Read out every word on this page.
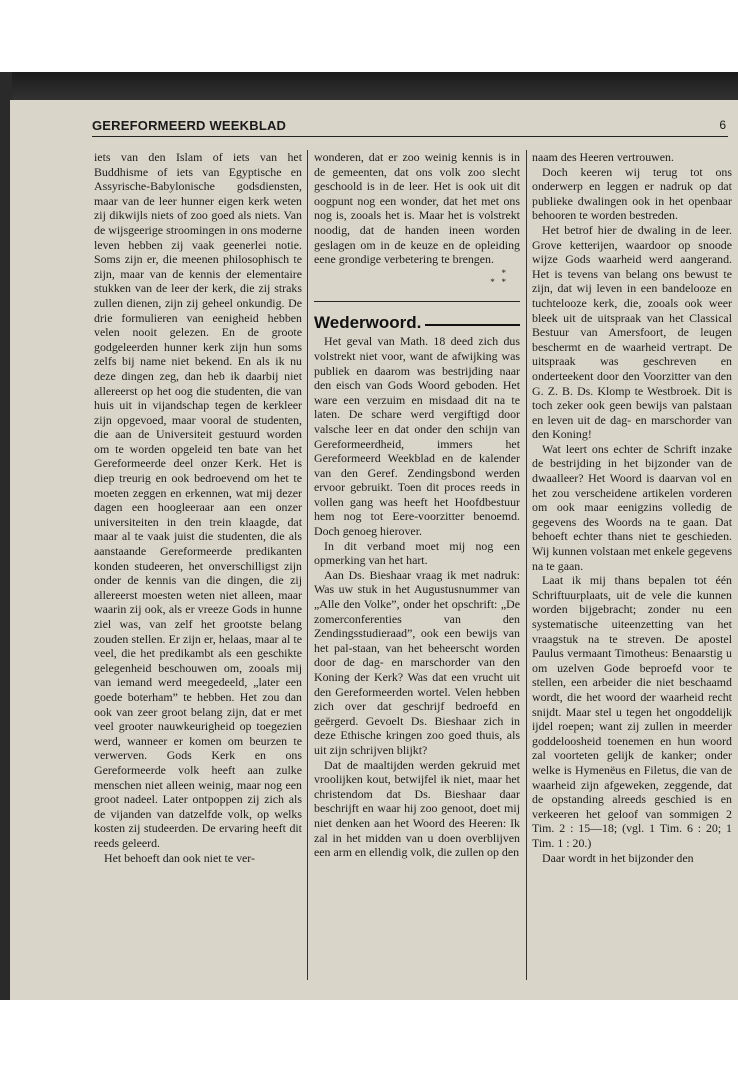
GEREFORMEERD WEEKBLAD	6

iets van den Islam of iets van het Buddhisme of iets van Egyptische en Assyrische-Babylonische godsdiensten, maar van de leer hunner eigen kerk weten zij dikwijls niets of zoo goed als niets. Van de wijsgeerige stroomingen in ons moderne leven hebben zij vaak geenerlei notie. Soms zijn er, die meenen philosophisch te zijn, maar van de kennis der elementaire stukken van de leer der kerk, die zij straks zullen dienen, zijn zij geheel onkundig. De drie formulieren van eenigheid hebben velen nooit gelezen. En de groote godgeleerden hunner kerk zijn hun soms zelfs bij name niet bekend. En als ik nu deze dingen zeg, dan heb ik daarbij niet allereerst op het oog die studenten, die van huis uit in vijandschap tegen de kerkleer zijn opgevoed, maar vooral de studenten, die aan de Universiteit gestuurd worden om te worden opgeleid ten bate van het Gereformeerde deel onzer Kerk. Het is diep treurig en ook bedroevend om het te moeten zeggen en erkennen, wat mij dezer dagen een hoogleeraar aan een onzer universiteiten in den trein klaagde, dat maar al te vaak juist die studenten, die als aanstaande Gereformeerde predikanten konden studeeren, het onverschilligst zijn onder de kennis van die dingen, die zij allereerst moesten weten niet alleen, maar waarin zij ook, als er vreeze Gods in hunne ziel was, van zelf het grootste belang zouden stellen. Er zijn er, helaas, maar al te veel, die het predikambt als een geschikte gelegenheid beschouwen om, zooals mij van iemand werd meegedeeld, „later een goede boterham” te hebben. Het zou dan ook van zeer groot belang zijn, dat er met veel grooter nauwkeurigheid op toegezien werd, wanneer er komen om beurzen te verwerven. Gods Kerk en ons Gereformeerde volk heeft aan zulke menschen niet alleen weinig, maar nog een groot nadeel. Later ontpoppen zij zich als de vijanden van datzelfde volk, op welks kosten zij studeerden. De ervaring heeft dit reeds geleerd.

Het behoeft dan ook niet te ver-

wonderen, dat er zoo weinig kennis is in de gemeenten, dat ons volk zoo slecht geschoold is in de leer. Het is ook uit dit oogpunt nog een wonder, dat het met ons nog is, zooals het is. Maar het is volstrekt noodig, dat de handen ineen worden geslagen om in de keuze en de opleiding eene grondige verbetering te brengen.

*
*   *
Wederwoord.

Het geval van Math. 18 deed zich dus volstrekt niet voor, want de afwijking was publiek en daarom was bestrijding naar den eisch van Gods Woord geboden. Het ware een verzuim en misdaad dit na te laten. De schare werd vergiftigd door valsche leer en dat onder den schijn van Gereformeerdheid, immers het Gereformeerd Weekblad en de kalender van den Geref. Zendingsbond werden ervoor gebruikt. Toen dit proces reeds in vollen gang was heeft het Hoofdbestuur hem nog tot Eere-voorzitter benoemd. Doch genoeg hierover.

In dit verband moet mij nog een opmerking van het hart.

Aan Ds. Bieshaar vraag ik met nadruk: Was uw stuk in het Augustusnummer van „Alle den Volke”, onder het opschrift: „De zomerconferenties van den Zendingsstudieraad”, ook een bewijs van het pal-staan, van het beheerscht worden door de dag- en marschorder van den Koning der Kerk? Was dat een vrucht uit den Gereformeerden wortel. Velen hebben zich over dat geschrijf bedroefd en geërgerd. Gevoelt Ds. Bieshaar zich in deze Ethische kringen zoo goed thuis, als uit zijn schrijven blijkt?

Dat de maaltijden werden gekruid met vroolijken kout, betwijfel ik niet, maar het christendom dat Ds. Bieshaar daar beschrijft en waar hij zoo genoot, doet mij niet denken aan het Woord des Heeren: Ik zal in het midden van u doen overblijven een arm en ellendig volk, die zullen op den

naam des Heeren vertrouwen.

Doch keeren wij terug tot ons onderwerp en leggen er nadruk op dat publieke dwalingen ook in het openbaar behooren te worden bestreden.

Het betrof hier de dwaling in de leer. Grove ketterijen, waardoor op snoode wijze Gods waarheid werd aangerand. Het is tevens van belang ons bewust te zijn, dat wij leven in een bandelooze en tuchtelooze kerk, die, zooals ook weer bleek uit de uitspraak van het Classical Bestuur van Amersfoort, de leugen beschermt en de waarheid vertrapt. De uitspraak was geschreven en onderteekent door den Voorzitter van den G. Z. B. Ds. Klomp te Westbroek. Dit is toch zeker ook geen bewijs van palstaan en leven uit de dag- en marschorder van den Koning!

Wat leert ons echter de Schrift inzake de bestrijding in het bijzonder van de dwaalleer? Het Woord is daarvan vol en het zou verscheidene artikelen vorderen om ook maar eenigzins volledig de gegevens des Woords na te gaan. Dat behoeft echter thans niet te geschieden. Wij kunnen volstaan met enkele gegevens na te gaan.

Laat ik mij thans bepalen tot één Schriftuurplaats, uit de vele die kunnen worden bijgebracht; zonder nu een systematische uiteenzetting van het vraagstuk na te streven. De apostel Paulus vermaant Timotheus: Benaarstig u om uzelven Gode beproefd voor te stellen, een arbeider die niet beschaamd wordt, die het woord der waarheid recht snijdt. Maar stel u tegen het ongoddelijk ijdel roepen; want zij zullen in meerder goddeloosheid toenemen en hun woord zal voorteten gelijk de kanker; onder welke is Hymenëus en Filetus, die van de waarheid zijn afgeweken, zeggende, dat de opstanding alreeds geschied is en verkeeren het geloof van sommigen 2 Tim. 2 : 15—18; (vgl. 1 Tim. 6 : 20; 1 Tim. 1 : 20.)

Daar wordt in het bijzonder den
